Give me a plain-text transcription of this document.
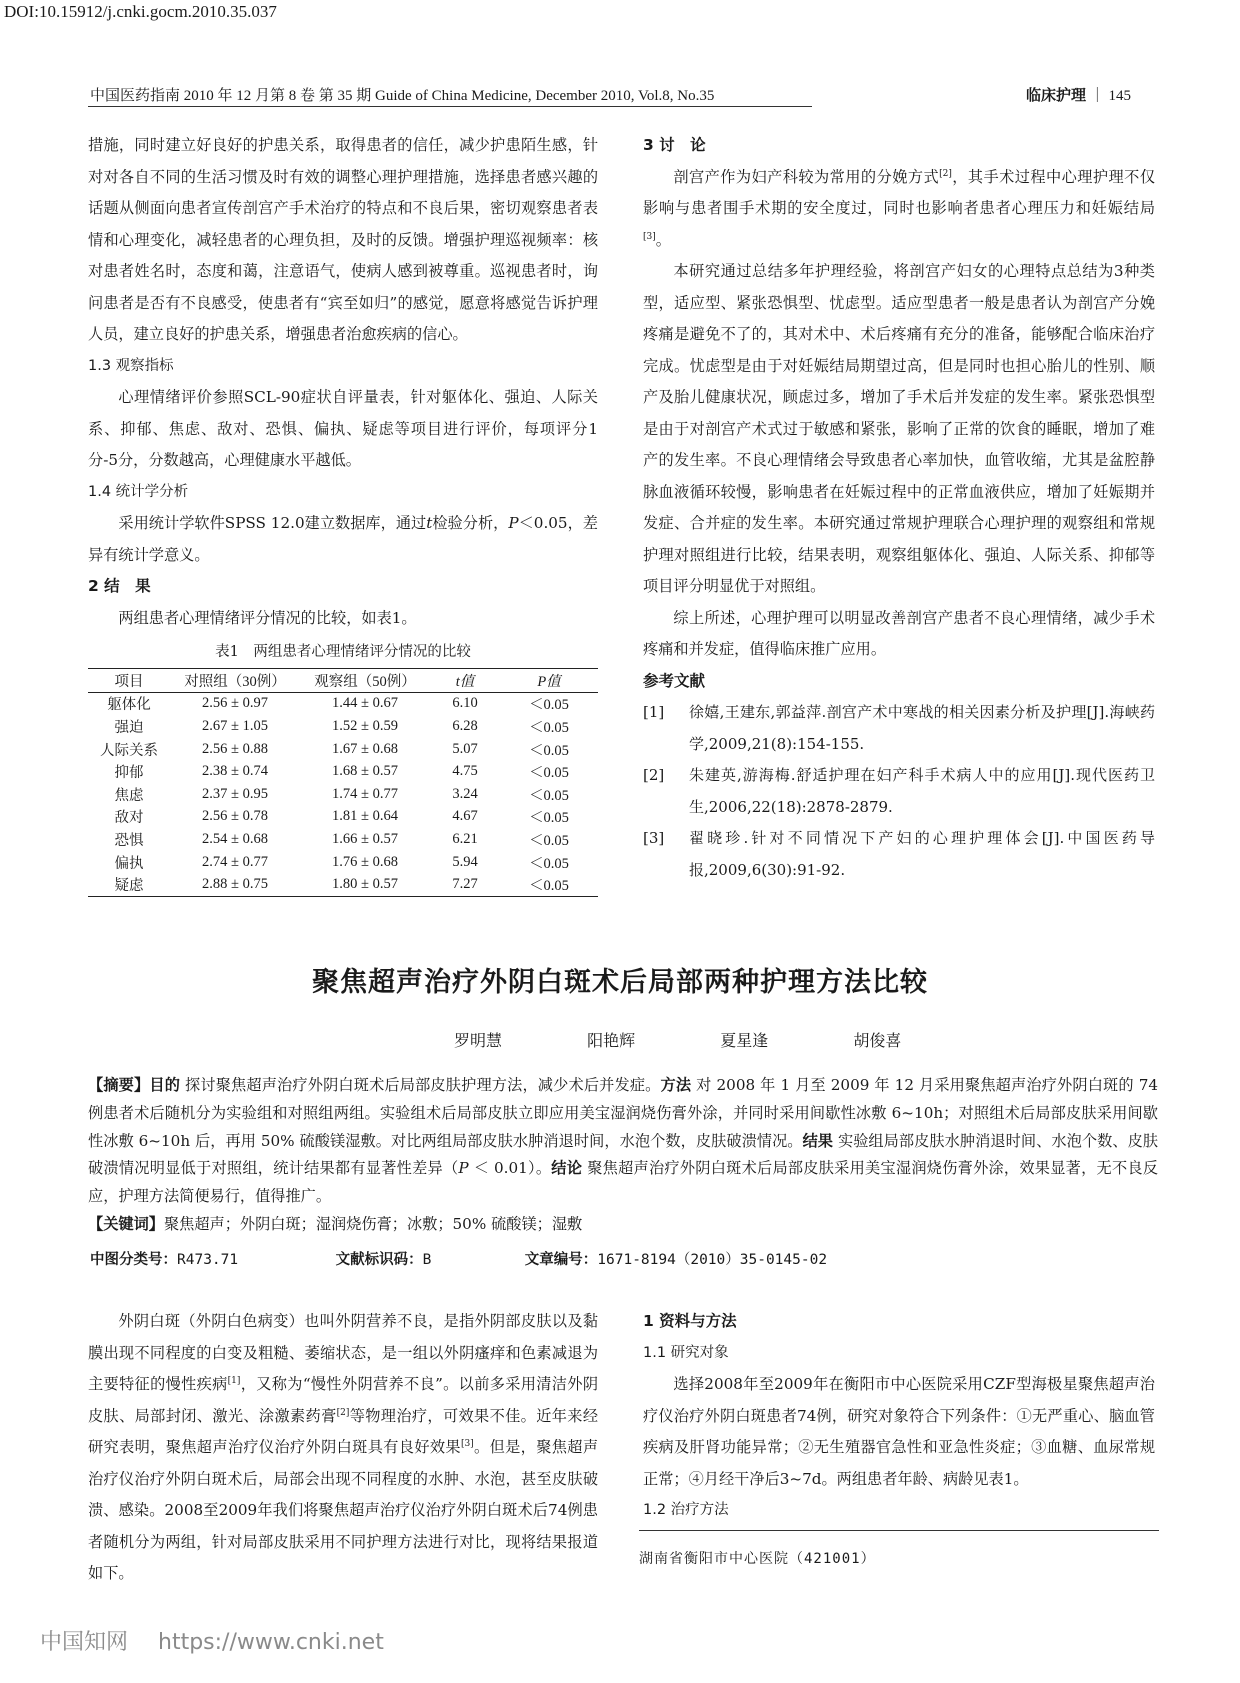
DOI:10.15912/j.cnki.gocm.2010.35.037
中国医药指南 2010 年 12 月第 8 卷 第 35 期 Guide of China Medicine, December 2010, Vol.8, No.35	临床护理 ｜ 145

措施，同时建立好良好的护患关系，取得患者的信任，减少护患陌生感，针对对各自不同的生活习惯及时有效的调整心理护理措施，选择患者感兴趣的话题从侧面向患者宣传剖宫产手术治疗的特点和不良后果，密切观察患者表情和心理变化，减轻患者的心理负担，及时的反馈。增强护理巡视频率：核对患者姓名时，态度和蔼，注意语气，使病人感到被尊重。巡视患者时，询问患者是否有不良感受，使患者有“宾至如归”的感觉，愿意将感觉告诉护理人员，建立良好的护患关系，增强患者治愈疾病的信心。

1.3 观察指标

心理情绪评价参照SCL-90症状自评量表，针对躯体化、强迫、人际关系、抑郁、焦虑、敌对、恐惧、偏执、疑虑等项目进行评价，每项评分1分-5分，分数越高，心理健康水平越低。

1.4 统计学分析

采用统计学软件SPSS 12.0建立数据库，通过t检验分析，P＜0.05，差异有统计学意义。

2 结　果

两组患者心理情绪评分情况的比较，如表1。

表1　两组患者心理情绪评分情况的比较
项目	对照组（30例）	观察组（50例）	t值	P值
躯体化	2.56 ± 0.97	1.44 ± 0.67	6.10	＜0.05
强迫	2.67 ± 1.05	1.52 ± 0.59	6.28	＜0.05
人际关系	2.56 ± 0.88	1.67 ± 0.68	5.07	＜0.05
抑郁	2.38 ± 0.74	1.68 ± 0.57	4.75	＜0.05
焦虑	2.37 ± 0.95	1.74 ± 0.77	3.24	＜0.05
敌对	2.56 ± 0.78	1.81 ± 0.64	4.67	＜0.05
恐惧	2.54 ± 0.68	1.66 ± 0.57	6.21	＜0.05
偏执	2.74 ± 0.77	1.76 ± 0.68	5.94	＜0.05
疑虑	2.88 ± 0.75	1.80 ± 0.57	7.27	＜0.05
3 讨　论

剖宫产作为妇产科较为常用的分娩方式[2]，其手术过程中心理护理不仅影响与患者围手术期的安全度过，同时也影响者患者心理压力和妊娠结局[3]。

本研究通过总结多年护理经验，将剖宫产妇女的心理特点总结为3种类型，适应型、紧张恐惧型、忧虑型。适应型患者一般是患者认为剖宫产分娩疼痛是避免不了的，其对术中、术后疼痛有充分的准备，能够配合临床治疗完成。忧虑型是由于对妊娠结局期望过高，但是同时也担心胎儿的性别、顺产及胎儿健康状况，顾虑过多，增加了手术后并发症的发生率。紧张恐惧型是由于对剖宫产术式过于敏感和紧张，影响了正常的饮食的睡眠，增加了难产的发生率。不良心理情绪会导致患者心率加快，血管收缩，尤其是盆腔静脉血液循环较慢，影响患者在妊娠过程中的正常血液供应，增加了妊娠期并发症、合并症的发生率。本研究通过常规护理联合心理护理的观察组和常规护理对照组进行比较，结果表明，观察组躯体化、强迫、人际关系、抑郁等项目评分明显优于对照组。

综上所述，心理护理可以明显改善剖宫产患者不良心理情绪，减少手术疼痛和并发症，值得临床推广应用。

参考文献
[1] 徐嬉,王建东,郭益萍.剖宫产术中寒战的相关因素分析及护理[J].海峡药学,2009,21(8):154-155.
[2] 朱建英,游海梅.舒适护理在妇产科手术病人中的应用[J].现代医药卫生,2006,22(18):2878-2879.
[3] 翟晓珍.针对不同情况下产妇的心理护理体会[J].中国医药导报,2009,6(30):91-92.
聚焦超声治疗外阴白斑术后局部两种护理方法比较
罗明慧	阳艳辉	夏星逢	胡俊喜
【摘要】目的 探讨聚焦超声治疗外阴白斑术后局部皮肤护理方法，减少术后并发症。方法 对 2008 年 1 月至 2009 年 12 月采用聚焦超声治疗外阴白斑的 74 例患者术后随机分为实验组和对照组两组。实验组术后局部皮肤立即应用美宝湿润烧伤膏外涂，并同时采用间歇性冰敷 6~10h；对照组术后局部皮肤采用间歇性冰敷 6~10h 后，再用 50% 硫酸镁湿敷。对比两组局部皮肤水肿消退时间，水泡个数，皮肤破溃情况。结果 实验组局部皮肤水肿消退时间、水泡个数、皮肤破溃情况明显低于对照组，统计结果都有显著性差异（P ＜ 0.01）。结论 聚焦超声治疗外阴白斑术后局部皮肤采用美宝湿润烧伤膏外涂，效果显著，无不良反应，护理方法简便易行，值得推广。
【关键词】聚焦超声；外阴白斑；湿润烧伤膏；冰敷；50% 硫酸镁；湿敷
中图分类号：R473.71	文献标识码：B	文章编号：1671-8194（2010）35-0145-02

外阴白斑（外阴白色病变）也叫外阴营养不良，是指外阴部皮肤以及黏膜出现不同程度的白变及粗糙、萎缩状态，是一组以外阴瘙痒和色素减退为主要特征的慢性疾病[1]，又称为“慢性外阴营养不良”。以前多采用清洁外阴皮肤、局部封闭、激光、涂激素药膏[2]等物理治疗，可效果不佳。近年来经研究表明，聚焦超声治疗仪治疗外阴白斑具有良好效果[3]。但是，聚焦超声治疗仪治疗外阴白斑术后，局部会出现不同程度的水肿、水泡，甚至皮肤破溃、感染。2008至2009年我们将聚焦超声治疗仪治疗外阴白斑术后74例患者随机分为两组，针对局部皮肤采用不同护理方法进行对比，现将结果报道如下。

1 资料与方法
1.1 研究对象

选择2008年至2009年在衡阳市中心医院采用CZF型海极星聚焦超声治疗仪治疗外阴白斑患者74例，研究对象符合下列条件：①无严重心、脑血管疾病及肝肾功能异常；②无生殖器官急性和亚急性炎症；③血糖、血尿常规正常；④月经干净后3~7d。两组患者年龄、病龄见表1。

1.2 治疗方法
湖南省衡阳市中心医院（421001）
中国知网 https://www.cnki.net
